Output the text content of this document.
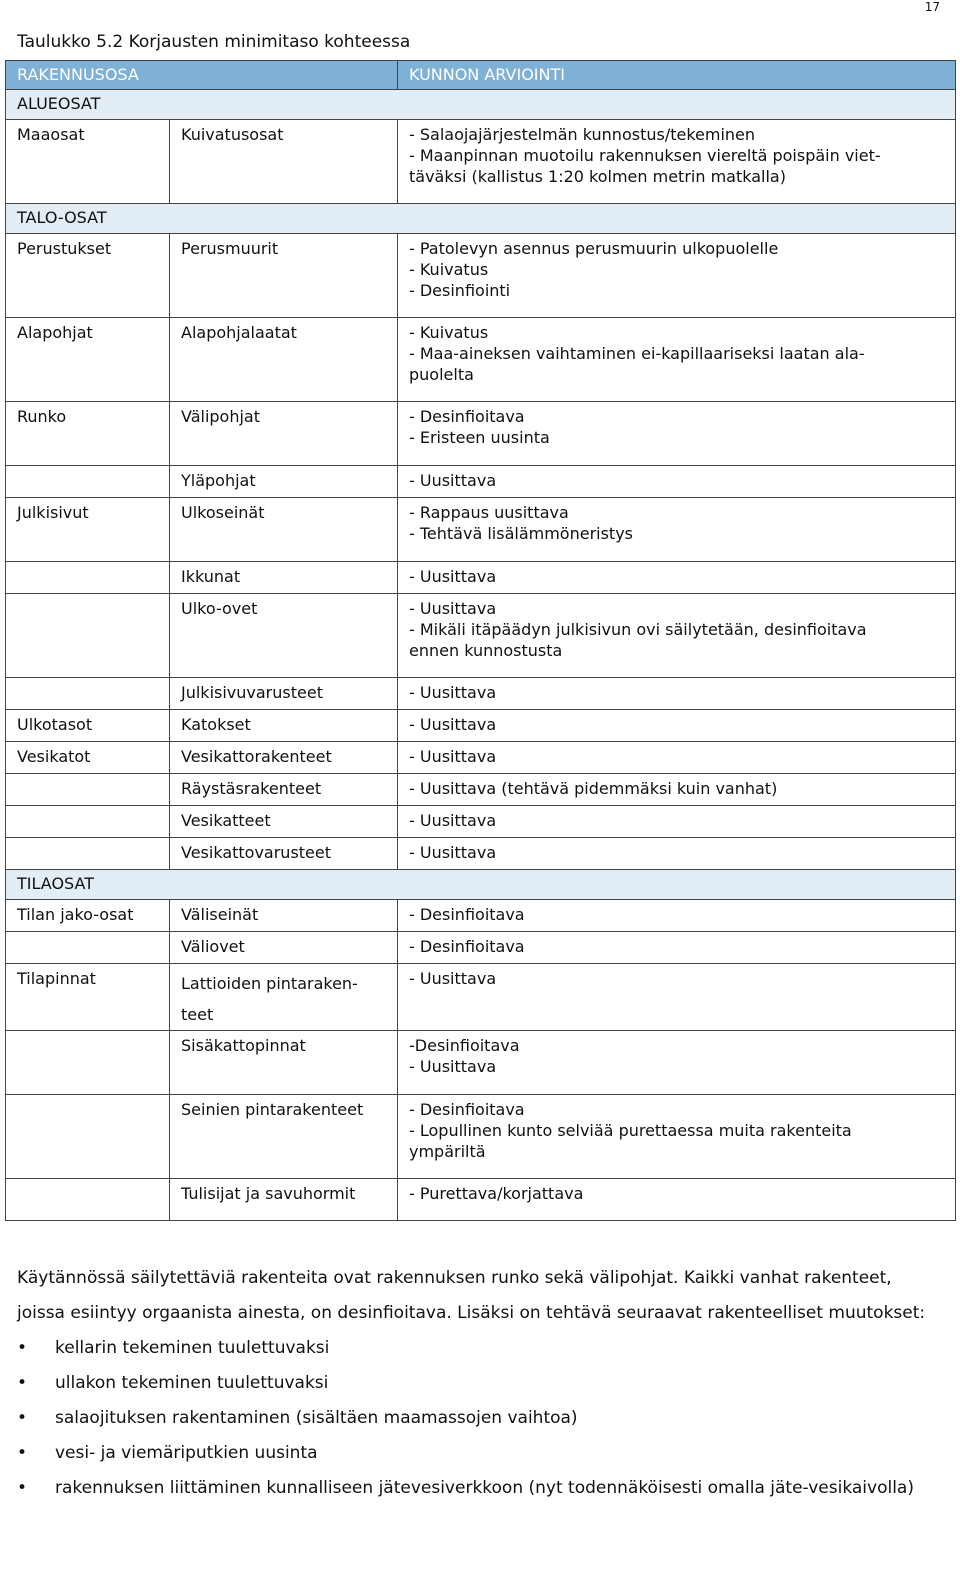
17
Taulukko 5.2 Korjausten minimitaso kohteessa
RAKENNUSOSA		KUNNON ARVIOINTI
ALUEOSAT		
Maaosat	Kuivatusosat	- Salaojajärjestelmän kunnostus/tekeminen
- Maanpinnan muotoilu rakennuksen viereltä poispäin viet-
täväksi (kallistus 1:20 kolmen metrin matkalla)

TALO-OSAT		
Perustukset	Perusmuurit	- Patolevyn asennus perusmuurin ulkopuolelle
- Kuivatus
- Desinfiointi

Alapohjat	Alapohjalaatat	- Kuivatus
- Maa-aineksen vaihtaminen ei-kapillaariseksi laatan ala-
puolelta

Runko	Välipohjat	- Desinfioitava
- Eristeen uusinta

	Yläpohjat	- Uusittava

Julkisivut	Ulkoseinät	- Rappaus uusittava
- Tehtävä lisälämmöneristys

	Ikkunat	- Uusittava

	Ulko-ovet	- Uusittava
- Mikäli itäpäädyn julkisivun ovi säilytetään, desinfioitava
ennen kunnostusta

	Julkisivuvarusteet	- Uusittava

Ulkotasot	Katokset	- Uusittava

Vesikatot	Vesikattorakenteet	- Uusittava

	Räystäsrakenteet	- Uusittava (tehtävä pidemmäksi kuin vanhat)

	Vesikatteet	- Uusittava

	Vesikattovarusteet	- Uusittava

TILAOSAT		
Tilan jako-osat	Väliseinät	- Desinfioitava

	Väliovet	- Desinfioitava

Tilapinnat	Lattioiden pintaraken-
teet	- Uusittava

	Sisäkattopinnat	-Desinfioitava
- Uusittava

	Seinien pintarakenteet	- Desinfioitava
- Lopullinen kunto selviää purettaessa muita rakenteita
ympäriltä

	Tulisijat ja savuhormit	- Purettava/korjattava

Käytännössä säilytettäviä rakenteita ovat rakennuksen runko sekä välipohjat. Kaikki vanhat rakenteet, joissa esiintyy orgaanista ainesta, on desinfioitava. Lisäksi on tehtävä seuraavat rakenteelliset muutokset:

• kellarin tekeminen tuulettuvaksi
• ullakon tekeminen tuulettuvaksi
• salaojituksen rakentaminen (sisältäen maamassojen vaihtoa)
• vesi- ja viemäriputkien uusinta
• rakennuksen liittäminen kunnalliseen jätevesiverkkoon (nyt todennäköisesti omalla jäte-vesikaivolla)
